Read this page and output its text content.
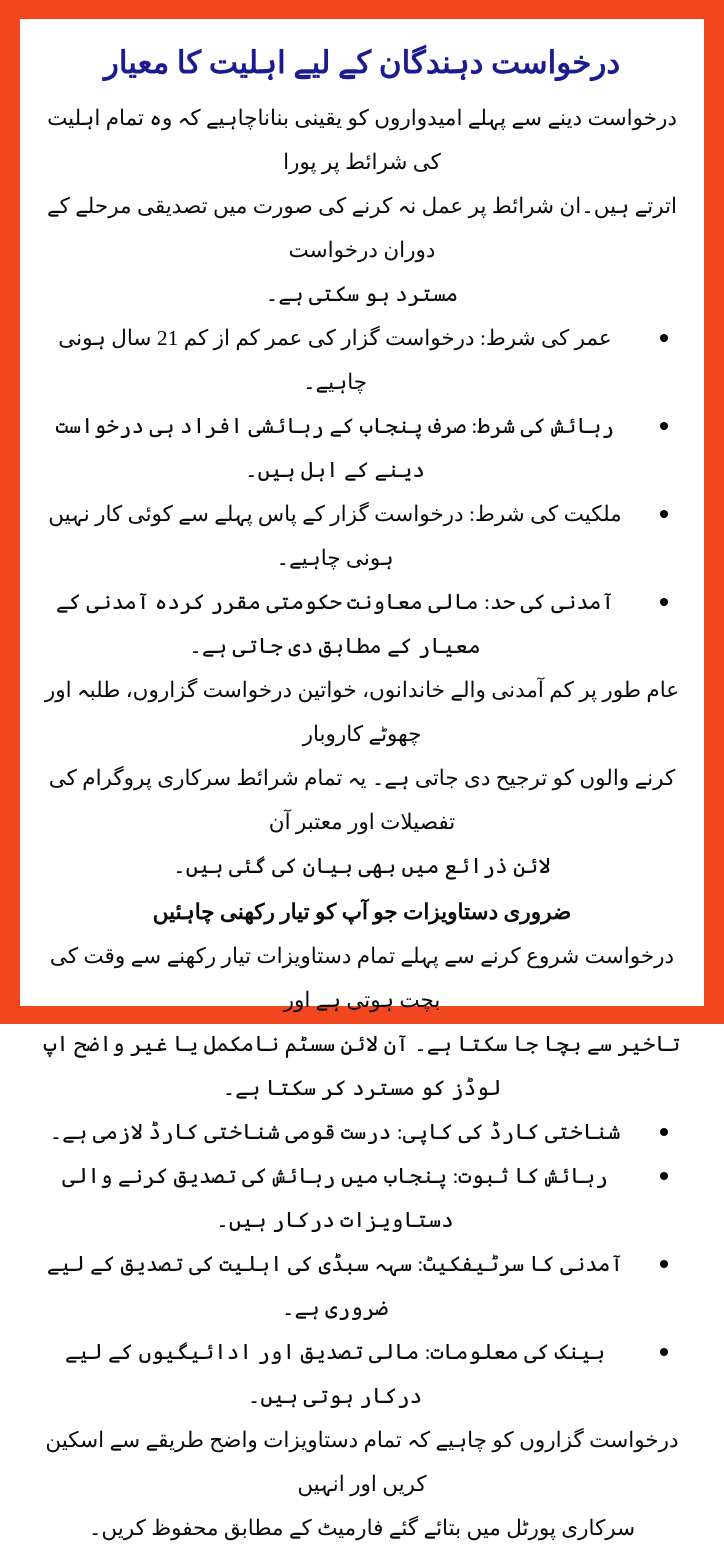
درخواست دہندگان کے لیے اہلیت کا معیار

درخواست دینے سے پہلے امیدواروں کو یقینی بناناچاہیے کہ وہ تمام اہلیت کی شرائط پر پورا

اترتے ہیں۔ان شرائط پر عمل نہ کرنے کی صورت میں تصدیقی مرحلے کے دوران درخواست

مسترد ہو سکتی ہے۔

عمر کی شرط: درخواست گزار کی عمر کم از کم 21 سال ہونی چاہیے۔
رہائش کی شرط: صرف پنجاب کے رہائشی افراد ہی درخواست دینے کے اہل ہیں۔
ملکیت کی شرط: درخواست گزار کے پاس پہلے سے کوئی کار نہیں ہونی چاہیے۔
آمدنی کی حد: مالی معاونت حکومتی مقرر کردہ آمدنی کے معیار کے مطابق دی جاتی ہے۔

عام طور پر کم آمدنی والے خاندانوں، خواتین درخواست گزاروں، طلبہ اور چھوٹے کاروبار

کرنے والوں کو ترجیح دی جاتی ہے۔ یہ تمام شرائط سرکاری پروگرام کی تفصیلات اور معتبر آن

لائن ذرائع میں بھی بیان کی گئی ہیں۔

ضروری دستاویزات جو آپ کو تیار رکھنی چاہئیں

درخواست شروع کرنے سے پہلے تمام دستاویزات تیار رکھنے سے وقت کی بچت ہوتی ہے اور

تاخیر سے بچا جا سکتا ہے۔ آن لائن سسٹم نامکمل یا غیر واضح اپ لوڈز کو مسترد کر سکتا ہے۔

شناختی کارڈ کی کاپی: درست قومی شناختی کارڈ لازمی ہے۔
رہائش کا ثبوت: پنجاب میں رہائش کی تصدیق کرنے والی دستاویزات درکار ہیں۔
آمدنی کا سرٹیفکیٹ: سہہ سبڈی کی اہلیت کی تصدیق کے لیے ضروری ہے۔
بینک کی معلومات: مالی تصدیق اور ادائیگیوں کے لیے درکار ہوتی ہیں۔

درخواست گزاروں کو چاہیے کہ تمام دستاویزات واضح طریقے سے اسکین کریں اور انہیں

سرکاری پورٹل میں بتائے گئے فارمیٹ کے مطابق محفوظ کریں۔
